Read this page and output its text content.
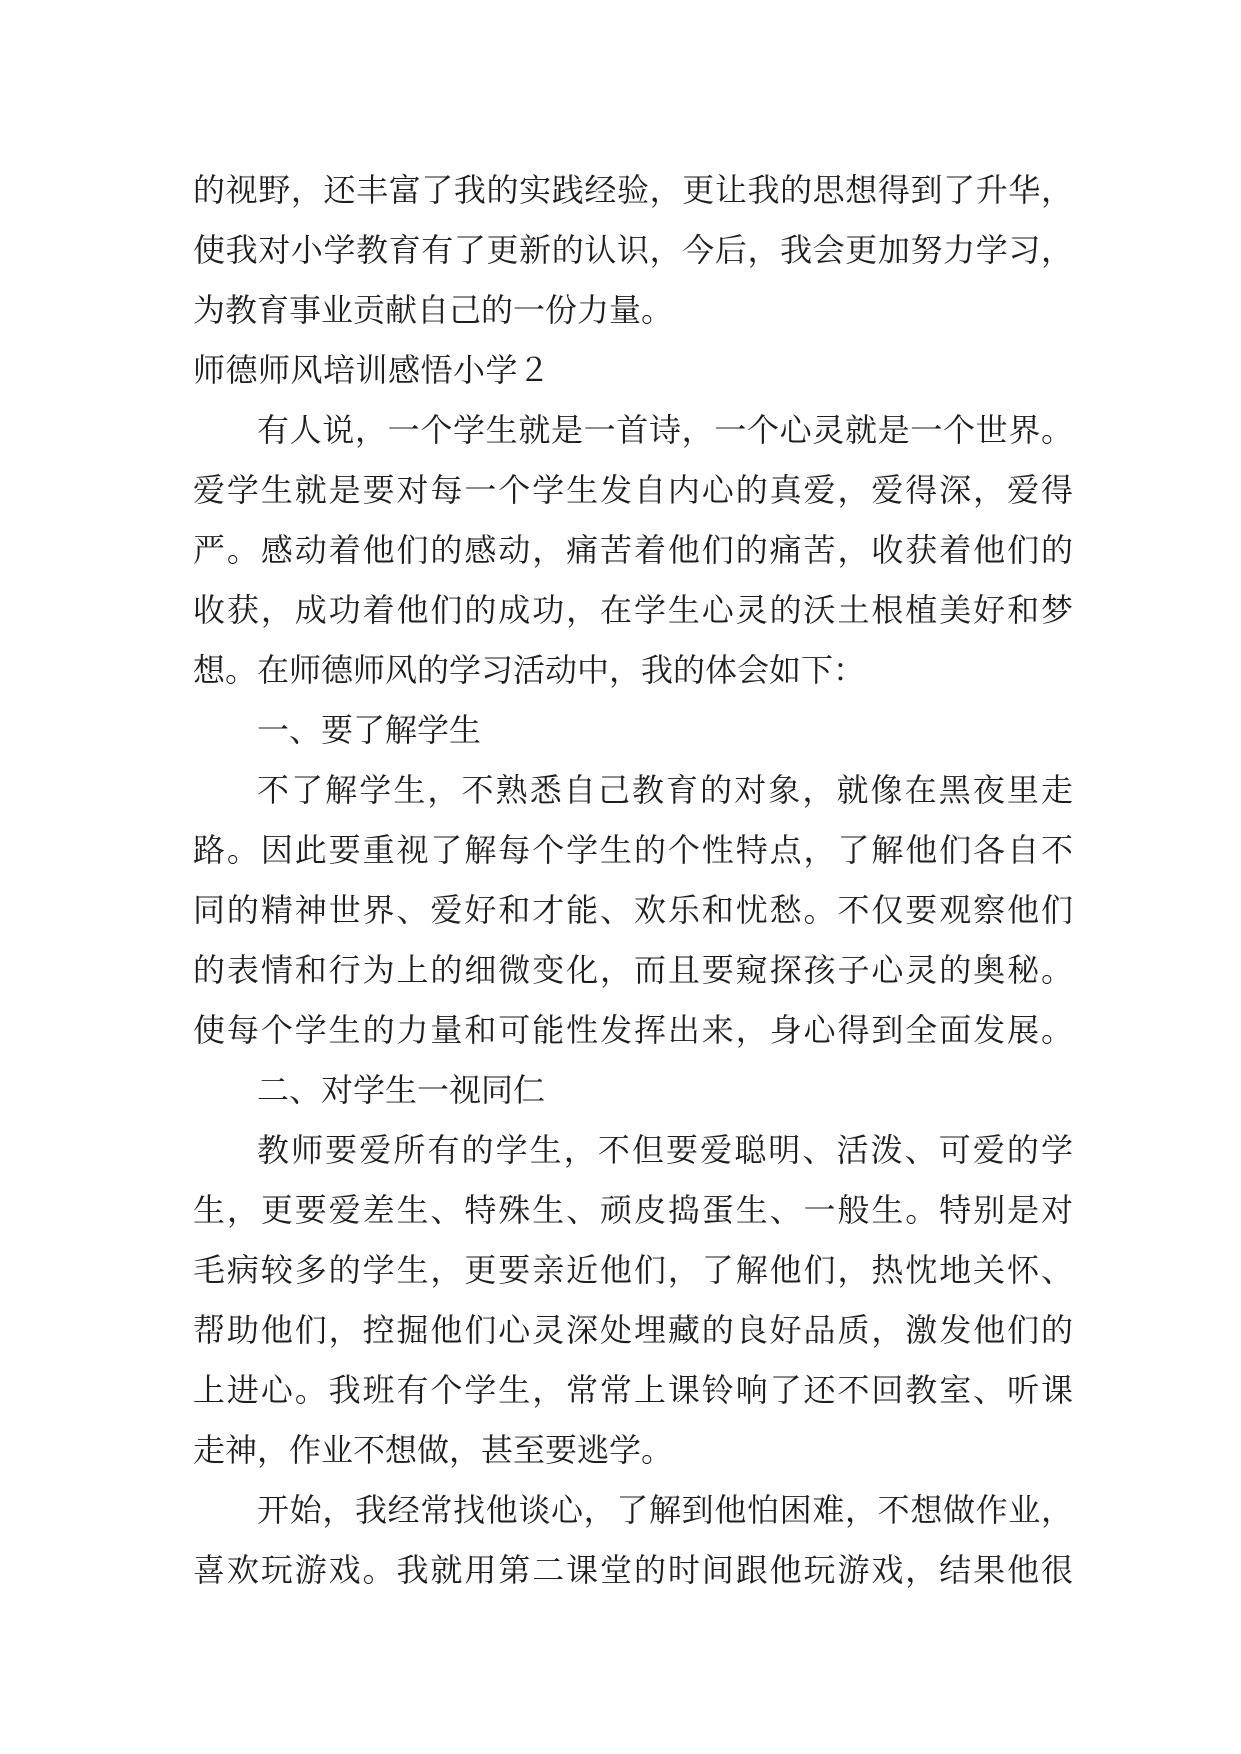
的视野，还丰富了我的实践经验，更让我的思想得到了升华，
使我对小学教育有了更新的认识，今后，我会更加努力学习，
为教育事业贡献自己的一份力量。
师德师风培训感悟小学２
有人说，一个学生就是一首诗，一个心灵就是一个世界。
爱学生就是要对每一个学生发自内心的真爱，爱得深，爱得
严。感动着他们的感动，痛苦着他们的痛苦，收获着他们的
收获，成功着他们的成功，在学生心灵的沃土根植美好和梦
想。在师德师风的学习活动中，我的体会如下：
一、要了解学生
不了解学生，不熟悉自己教育的对象，就像在黑夜里走
路。因此要重视了解每个学生的个性特点，了解他们各自不
同的精神世界、爱好和才能、欢乐和忧愁。不仅要观察他们
的表情和行为上的细微变化，而且要窥探孩子心灵的奥秘。
使每个学生的力量和可能性发挥出来，身心得到全面发展。
二、对学生一视同仁
教师要爱所有的学生，不但要爱聪明、活泼、可爱的学
生，更要爱差生、特殊生、顽皮捣蛋生、一般生。特别是对
毛病较多的学生，更要亲近他们，了解他们，热忱地关怀、
帮助他们，控掘他们心灵深处埋藏的良好品质，激发他们的
上进心。我班有个学生，常常上课铃响了还不回教室、听课
走神，作业不想做，甚至要逃学。
开始，我经常找他谈心，了解到他怕困难，不想做作业，
喜欢玩游戏。我就用第二课堂的时间跟他玩游戏，结果他很
